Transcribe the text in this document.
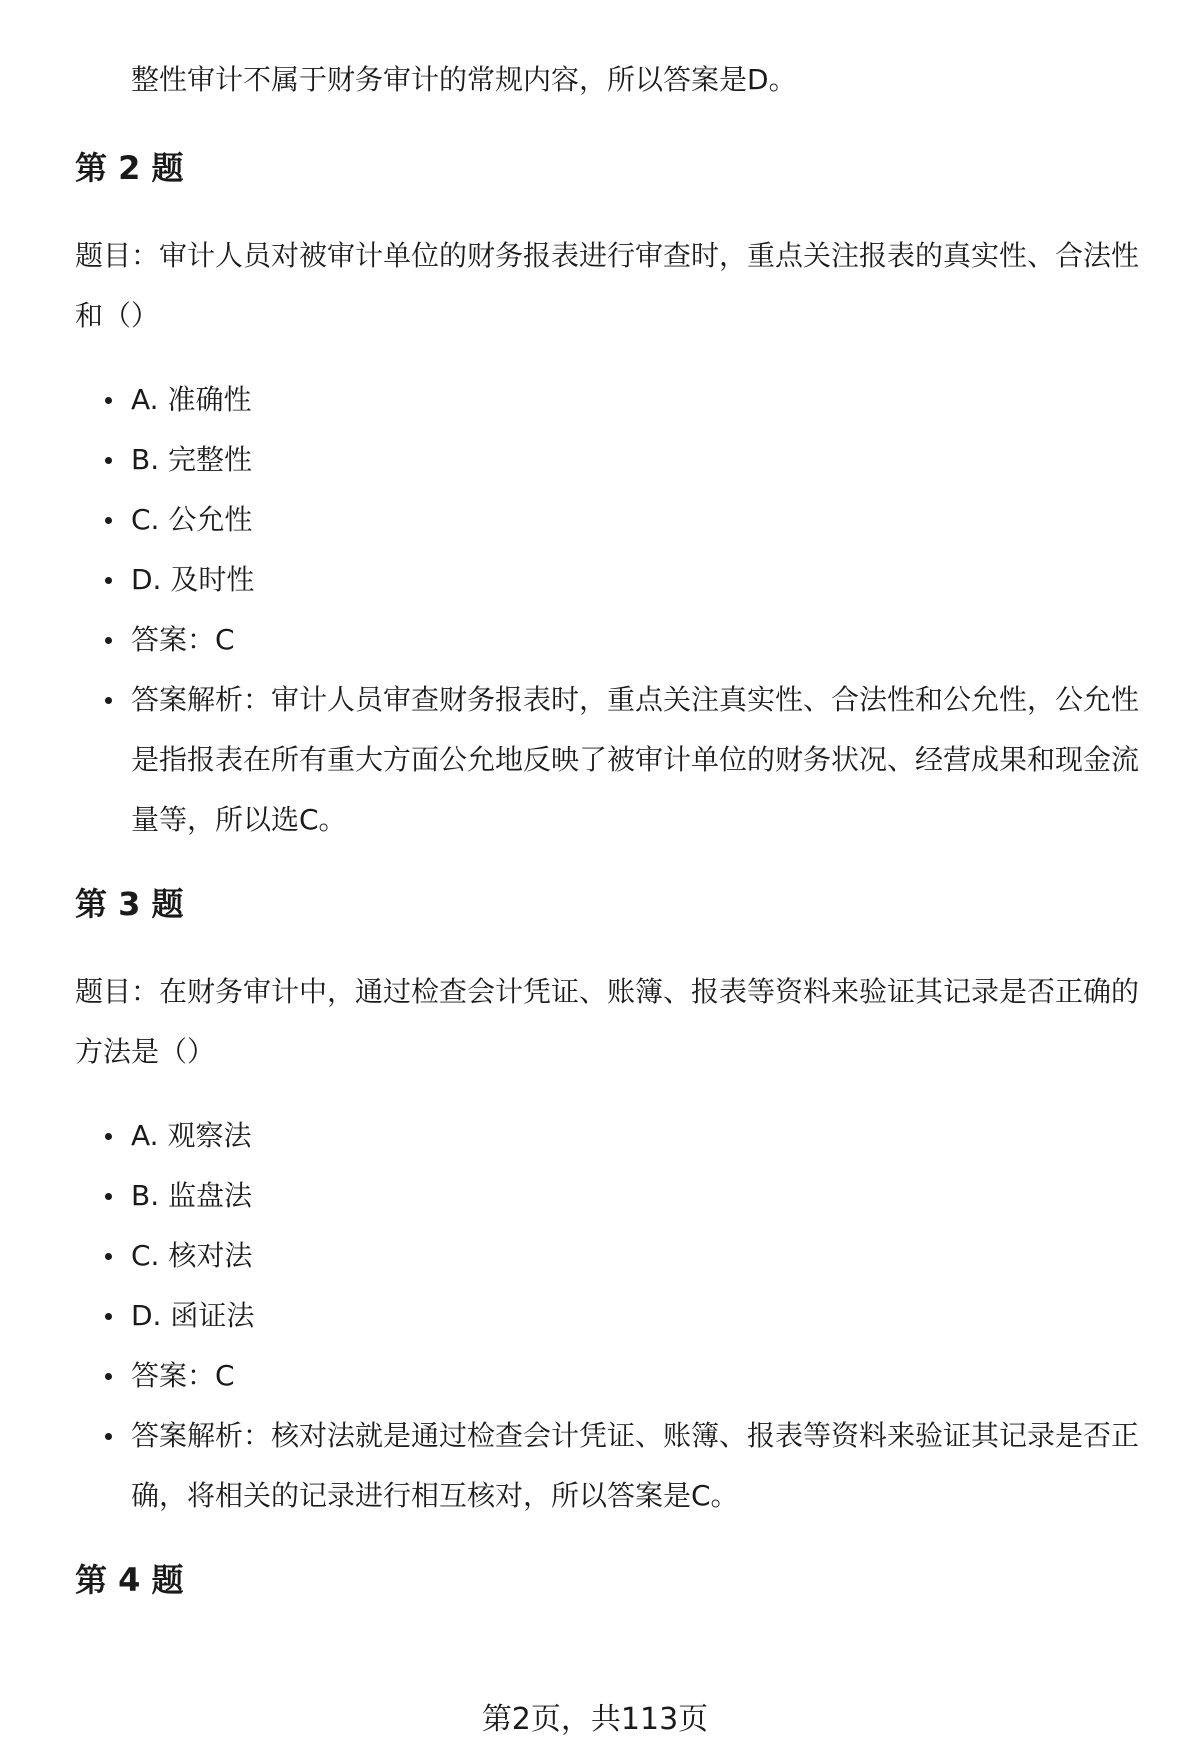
整性审计不属于财务审计的常规内容，所以答案是D。
第 2 题
题目：审计人员对被审计单位的财务报表进行审查时，重点关注报表的真实性、合法性和（）
A. 准确性
B. 完整性
C. 公允性
D. 及时性
答案：C
答案解析：审计人员审查财务报表时，重点关注真实性、合法性和公允性，公允性是指报表在所有重大方面公允地反映了被审计单位的财务状况、经营成果和现金流量等，所以选C。
第 3 题
题目：在财务审计中，通过检查会计凭证、账簿、报表等资料来验证其记录是否正确的方法是（）
A. 观察法
B. 监盘法
C. 核对法
D. 函证法
答案：C
答案解析：核对法就是通过检查会计凭证、账簿、报表等资料来验证其记录是否正确，将相关的记录进行相互核对，所以答案是C。
第 4 题
第2页，共113页
